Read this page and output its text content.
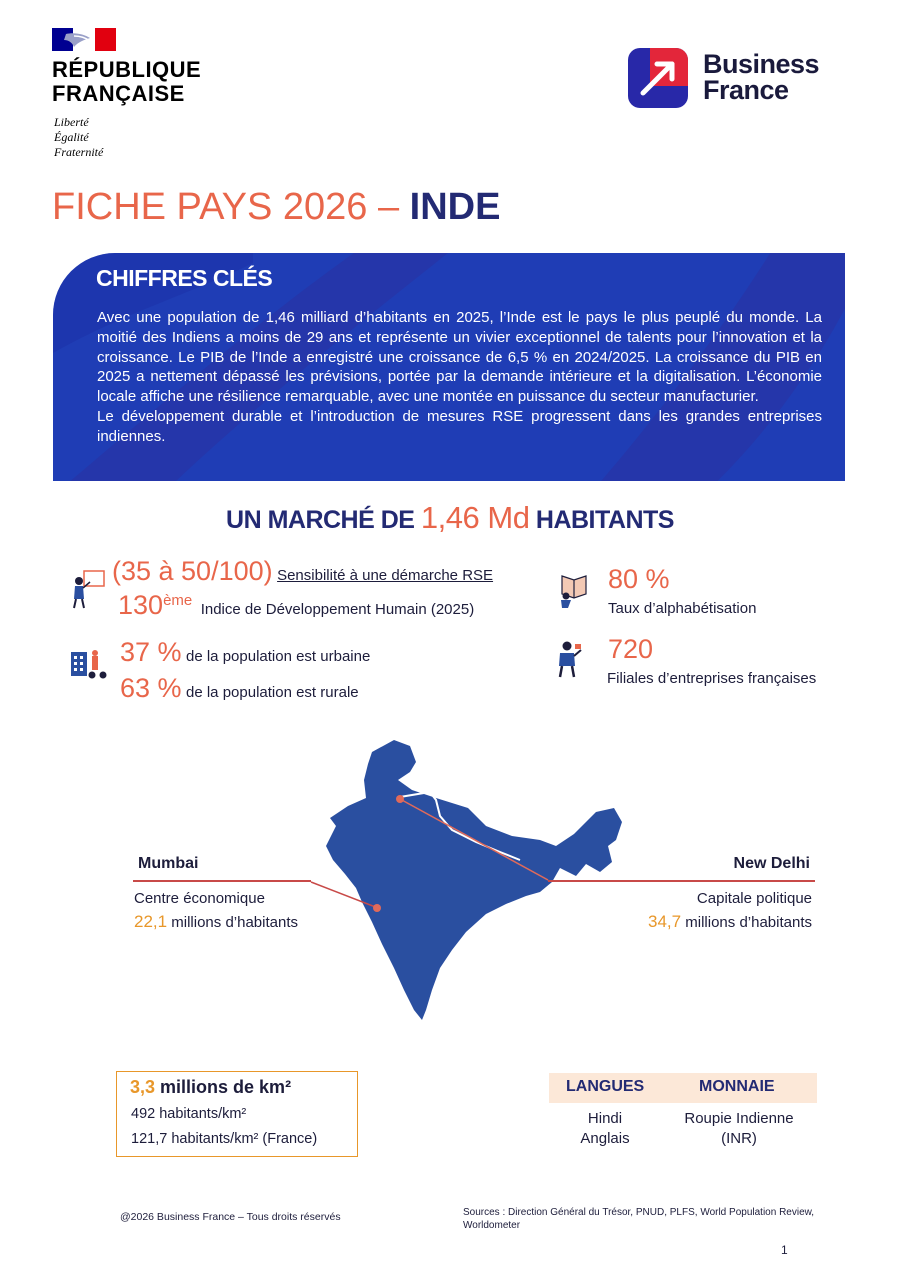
RÉPUBLIQUE
FRANÇAISE
Liberté
Égalité
Fraternité
Business
France
FICHE PAYS 2026 – INDE
CHIFFRES CLÉS

Avec une population de 1,46 milliard d’habitants en 2025, l’Inde est le pays le plus peuplé du monde. La moitié des Indiens a moins de 29 ans et représente un vivier exceptionnel de talents pour l’innovation et la croissance. Le PIB de l’Inde a enregistré une croissance de 6,5 % en 2024/2025. La croissance du PIB en 2025 a nettement dépassé les prévisions, portée par la demande intérieure et la digitalisation. L’économie locale affiche une résilience remarquable, avec une montée en puissance du secteur manufacturier.

Le développement durable et l’introduction de mesures RSE progressent dans les grandes entreprises indiennes.

UN MARCHÉ DE 1,46 Md HABITANTS
(35 à 50/100) Sensibilité à une démarche RSE
130ème Indice de Développement Humain (2025)
37 % de la population est urbaine
63 % de la population est rurale
80 %
Taux d’alphabétisation
720
Filiales d’entreprises françaises
Mumbai
Centre économique
22,1 millions d’habitants
New Delhi
Capitale politique
34,7 millions d’habitants
3,3 millions de km²
492 habitants/km²
121,7 habitants/km² (France)
LANGUES	MONNAIE
Hindi
Anglais
Roupie Indienne
(INR)
@2026 Business France – Tous droits réservés	Sources : Direction Général du Trésor, PNUD, PLFS, World Population Review, Worldometer
1
